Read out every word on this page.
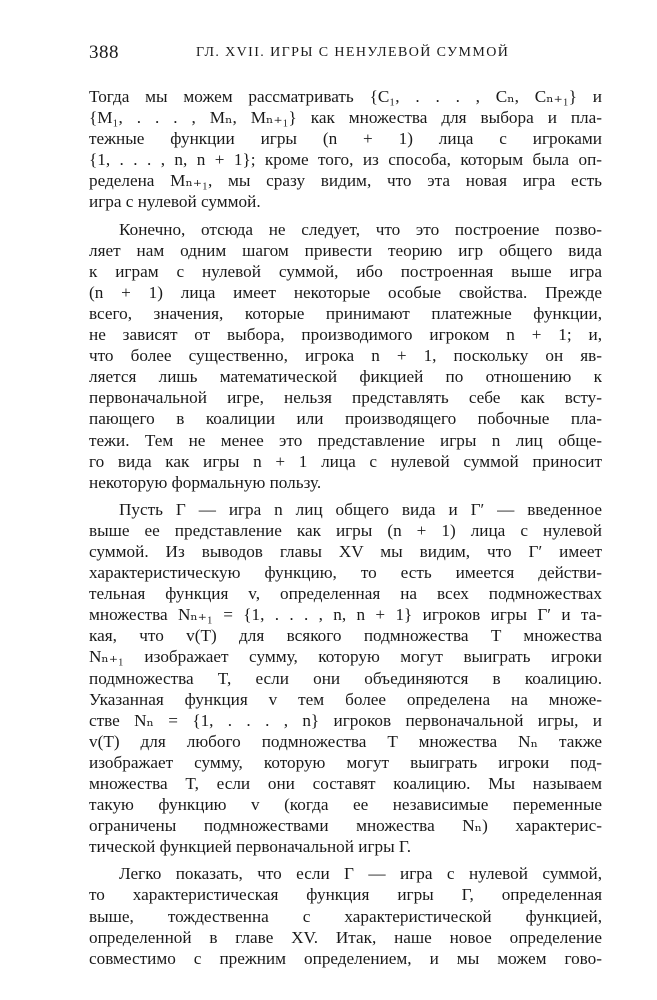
388	ГЛ. XVII. ИГРЫ С НЕНУЛЕВОЙ СУММОЙ
Тогда мы можем рассматривать {C₁, . . . , Cₙ, Cₙ₊₁} и
{M₁, . . . , Mₙ, Mₙ₊₁} как множества для выбора и пла-
тежные функции игры (n + 1) лица с игроками
{1, . . . , n, n + 1}; кроме того, из способа, которым была оп-
ределена Mₙ₊₁, мы сразу видим, что эта новая игра есть
игра с нулевой суммой.
Конечно, отсюда не следует, что это построение позво-
ляет нам одним шагом привести теорию игр общего вида
к играм с нулевой суммой, ибо построенная выше игра
(n + 1) лица имеет некоторые особые свойства. Прежде
всего, значения, которые принимают платежные функции,
не зависят от выбора, производимого игроком n + 1; и,
что более существенно, игрока n + 1, поскольку он яв-
ляется лишь математической фикцией по отношению к
первоначальной игре, нельзя представлять себе как всту-
пающего в коалиции или производящего побочные пла-
тежи. Тем не менее это представление игры n лиц обще-
го вида как игры n + 1 лица с нулевой суммой приносит
некоторую формальную пользу.
Пусть Γ — игра n лиц общего вида и Γ′ — введенное
выше ее представление как игры (n + 1) лица с нулевой
суммой. Из выводов главы XV мы видим, что Γ′ имеет
характеристическую функцию, то есть имеется действи-
тельная функция v, определенная на всех подмножествах
множества Nₙ₊₁ = {1, . . . , n, n + 1} игроков игры Γ′ и та-
кая, что v(T) для всякого подмножества T множества
Nₙ₊₁ изображает сумму, которую могут выиграть игроки
подмножества T, если они объединяются в коалицию.
Указанная функция v тем более определена на множе-
стве Nₙ = {1, . . . , n} игроков первоначальной игры, и
v(T) для любого подмножества T множества Nₙ также
изображает сумму, которую могут выиграть игроки под-
множества T, если они составят коалицию. Мы называем
такую функцию v (когда ее независимые переменные
ограничены подмножествами множества Nₙ) характерис-
тической функцией первоначальной игры Γ.
Легко показать, что если Γ — игра с нулевой суммой,
то характеристическая функция игры Γ, определенная
выше, тождественна с характеристической функцией,
определенной в главе XV. Итак, наше новое определение
совместимо с прежним определением, и мы можем гово-
